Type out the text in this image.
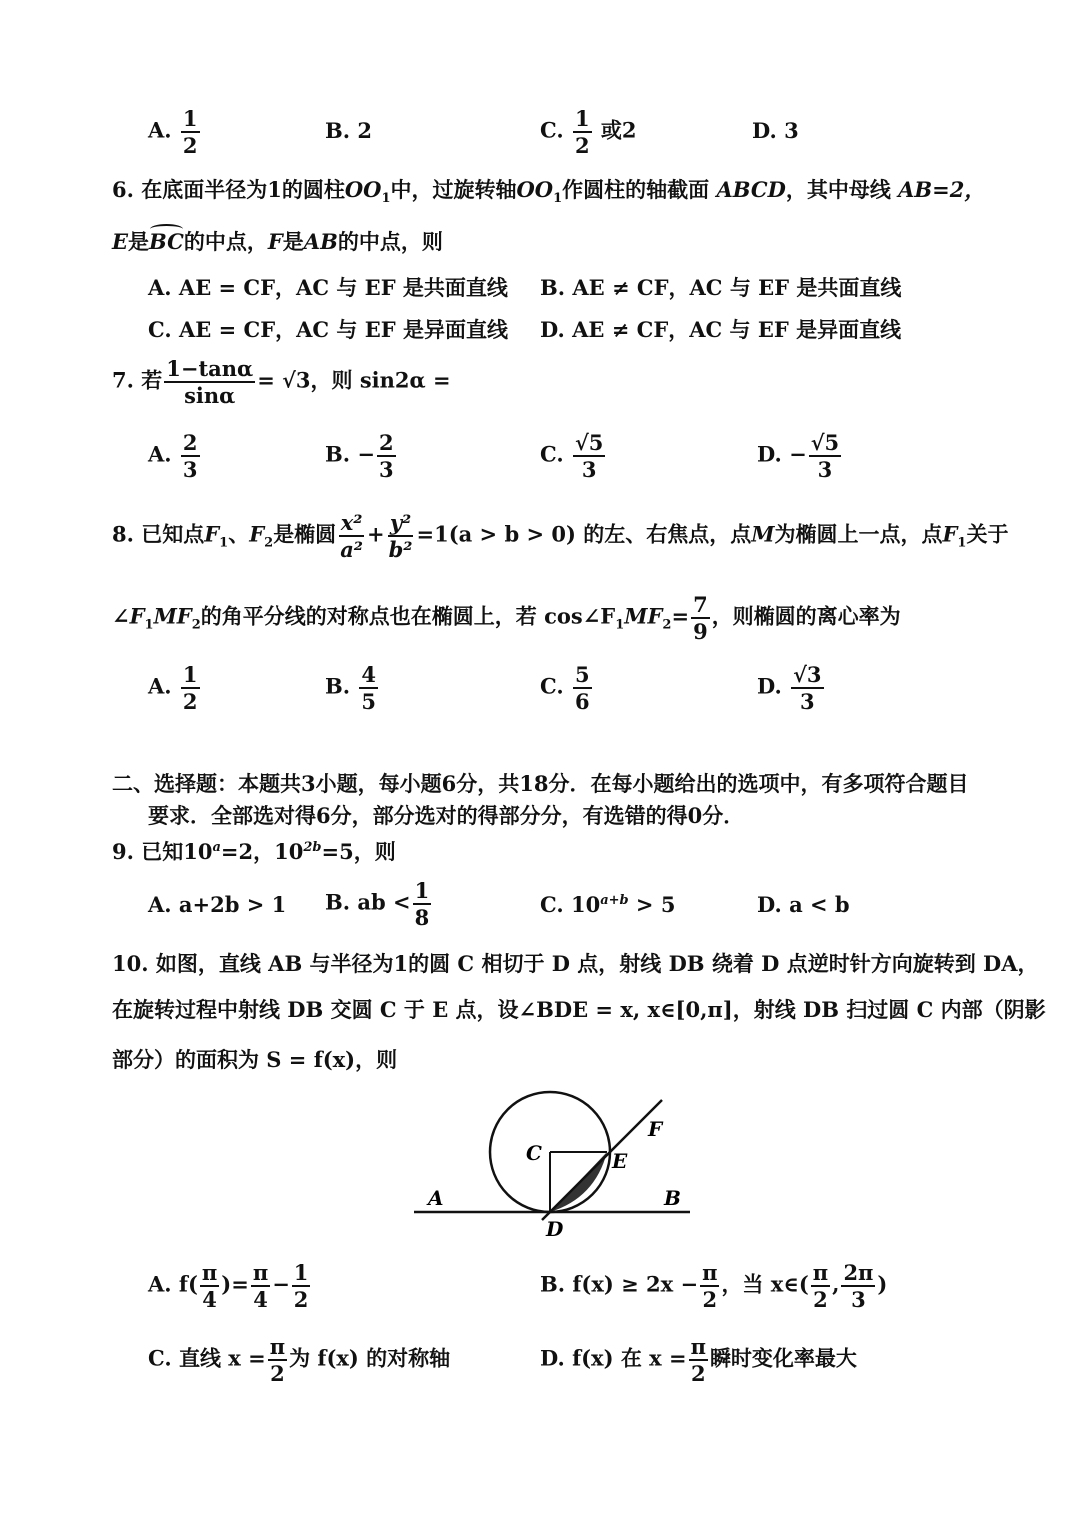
A. $\frac{1}{2}$	B. 2	C. $\frac{1}{2}$ 或2	D. 3
6. 在底面半径为1的圆柱$OO_1$中，过旋转轴$OO_1$作圆柱的轴截面 ABCD，其中母线 AB=2，
E是BC的中点，F是AB的中点，则
A. AE = CF，AC 与 EF 是共面直线 B. AE ≠ CF，AC 与 EF 是共面直线
C. AE = CF，AC 与 EF 是异面直线 D. AE ≠ CF，AC 与 EF 是异面直线
7. 若 $\frac{1-\tan\alpha}{\sin\alpha} = √3$，则 sin2α =
A. $\frac{2}{3}$	B. − $\frac{2}{3}$	C. $\frac{√5}{3}$	D. − $\frac{√5}{3}$
8. 已知点$F_1$、$F_2$是椭圆 $\frac{\text{x²}}{\text{a²}} + \frac{\text{y²}}{\text{b²}} =1(a > b > 0)$ 的左、右焦点，点M为椭圆上一点，点$F_1$关于
$\angle F_1MF_2$的角平分线的对称点也在椭圆上，若 $\cos\angle F_1MF_2= \frac{7}{9}$ ，则椭圆的离心率为
A. $\frac{1}{2}$	B. $\frac{4}{5}$	C. $\frac{5}{6}$	D. $\frac{√3}{3}$
二、选择题：本题共3小题，每小题6分，共18分．在每小题给出的选项中，有多项符合题目
要求．全部选对得6分，部分选对的得部分分，有选错的得0分．
9. 已知$10^a=2$，$10^{2b}=5$，则
A. a+2b > 1 B. ab < $\frac{1}{8}$	C. $10^{a+b} > 5$	D. a < b
10. 如图，直线 AB 与半径为1的圆 C 相切于 D 点，射线 DB 绕着 D 点逆时针方向旋转到 DA，
在旋转过程中射线 DB 交圆 C 于 E 点，设∠BDE = x, x∈[0,π]，射线 DB 扫过圆 C 内部（阴影
部分）的面积为 S = f(x)，则
A	B
C
D
E
F
A. $f( \frac{\pi}{4}$ )= $\frac{\pi}{4} - \frac{1}{2}$	B. $f(x) \ge 2x - \frac{\pi}{2}$ ，当 x∈( $\frac{\pi}{2}$ , $\frac{2\pi}{3}$ )
C. 直线 $x = \frac{\pi}{2}$ 为 f(x) 的对称轴	D. f(x) 在 $x = \frac{\pi}{2}$ 瞬时变化率最大
